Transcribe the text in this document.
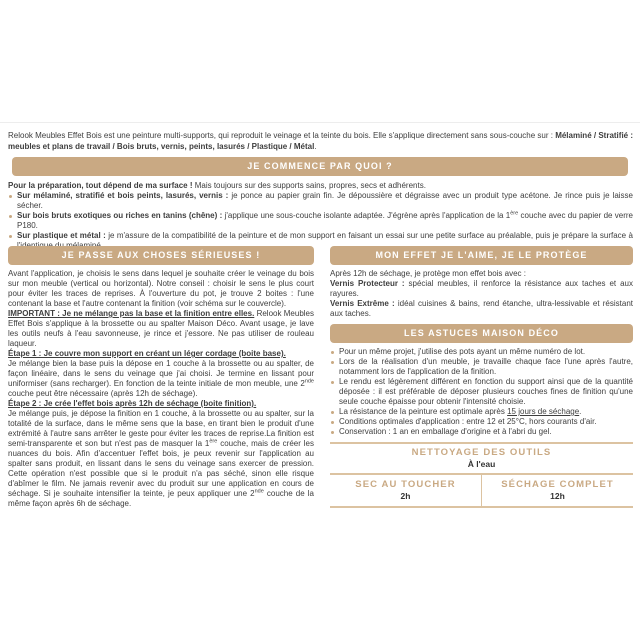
Relook Meubles Effet Bois est une peinture multi-supports, qui reproduit le veinage et la teinte du bois. Elle s'applique directement sans sous-couche sur : Mélaminé / Stratifié : meubles et plans de travail / Bois bruts, vernis, peints, lasurés / Plastique / Métal.
JE COMMENCE PAR QUOI ?

Pour la préparation, tout dépend de ma surface ! Mais toujours sur des supports sains, propres, secs et adhérents.

Sur mélaminé, stratifié et bois peints, lasurés, vernis : je ponce au papier grain fin. Je dépoussière et dégraisse avec un produit type acétone. Je rince puis je laisse sécher.
Sur bois bruts exotiques ou riches en tanins (chêne) : j'applique une sous-couche isolante adaptée. J'égrène après l'application de la 1ère couche avec du papier de verre P180.
Sur plastique et métal : je m'assure de la compatibilité de la peinture et de mon support en faisant un essai sur une petite surface au préalable, puis je prépare la surface à
JE PASSE AUX CHOSES SÉRIEUSES !

Avant l'application, je choisis le sens dans lequel je souhaite créer le veinage du bois sur mon meuble (vertical ou horizontal). Notre conseil : choisir le sens le plus court pour éviter les traces de reprises. À l'ouverture du pot, je trouve 2 boites : l'une contenant la base et l'autre contenant la finition (voir schéma sur le couvercle).

IMPORTANT : Je ne mélange pas la base et la finition entre elles. Relook Meubles Effet Bois s'applique à la brossette ou au spalter Maison Déco. Avant usage, je lave les outils neufs à l'eau savonneuse, je rince et j'essore. Ne pas utiliser de rouleau laqueur.

Étape 1 : Je couvre mon support en créant un léger cordage (boite base).

Je mélange bien la base puis la dépose en 1 couche à la brossette ou au spalter, de façon linéaire, dans le sens du veinage que j'ai choisi. Je termine en lissant pour uniformiser (sans recharger). En fonction de la teinte initiale de mon meuble, une 2nde couche peut être nécessaire (après 12h de séchage).

Étape 2 : Je crée l'effet bois après 12h de séchage (boite finition).

Je mélange puis, je dépose la finition en 1 couche, à la brossette ou au spalter, sur la totalité de la surface, dans le même sens que la base, en tirant bien le produit d'une extrémité à l'autre sans arrêter le geste pour éviter les traces de reprise.La finition est semi-transparente et son but n'est pas de masquer la 1ère couche, mais de créer les nuances du bois. Afin d'accentuer l'effet bois, je peux revenir sur l'application au spalter sans produit, en lissant dans le sens du veinage sans exercer de pression. Cette opération n'est possible que si le produit n'a pas séché, sinon elle risque d'abîmer le film. Ne jamais revenir avec du produit sur une application en cours de séchage. Si je souhaite intensifier la teinte, je peux appliquer une 2nde couche de la même façon après 6h de séchage.

MON EFFET JE L'AIME, JE LE PROTÈGE

Après 12h de séchage, je protège mon effet bois avec :

Vernis Protecteur : spécial meubles, il renforce la résistance aux taches et aux rayures.

Vernis Extrême : idéal cuisines & bains, rend étanche, ultra-lessivable et résistant aux taches.

LES ASTUCES MAISON DÉCO
Pour un même projet, j'utilise des pots ayant un même numéro de lot.
Lors de la réalisation d'un meuble, je travaille chaque face l'une après l'autre, notamment lors de l'application de la finition.
Le rendu est légèrement différent en fonction du support ainsi que de la quantité déposée : il est préférable de déposer plusieurs couches fines de finition qu'une seule couche épaisse pour obtenir l'intensité choisie.
La résistance de la peinture est optimale après 15 jours de séchage.
Conditions optimales d'application : entre 12 et 25°C, hors courants d'air.
Conservation : 1 an en emballage d'origine et à l'abri du gel.
NETTOYAGE DES OUTILS
À l'eau
SEC AU TOUCHER
2h
SÉCHAGE COMPLET
12h
